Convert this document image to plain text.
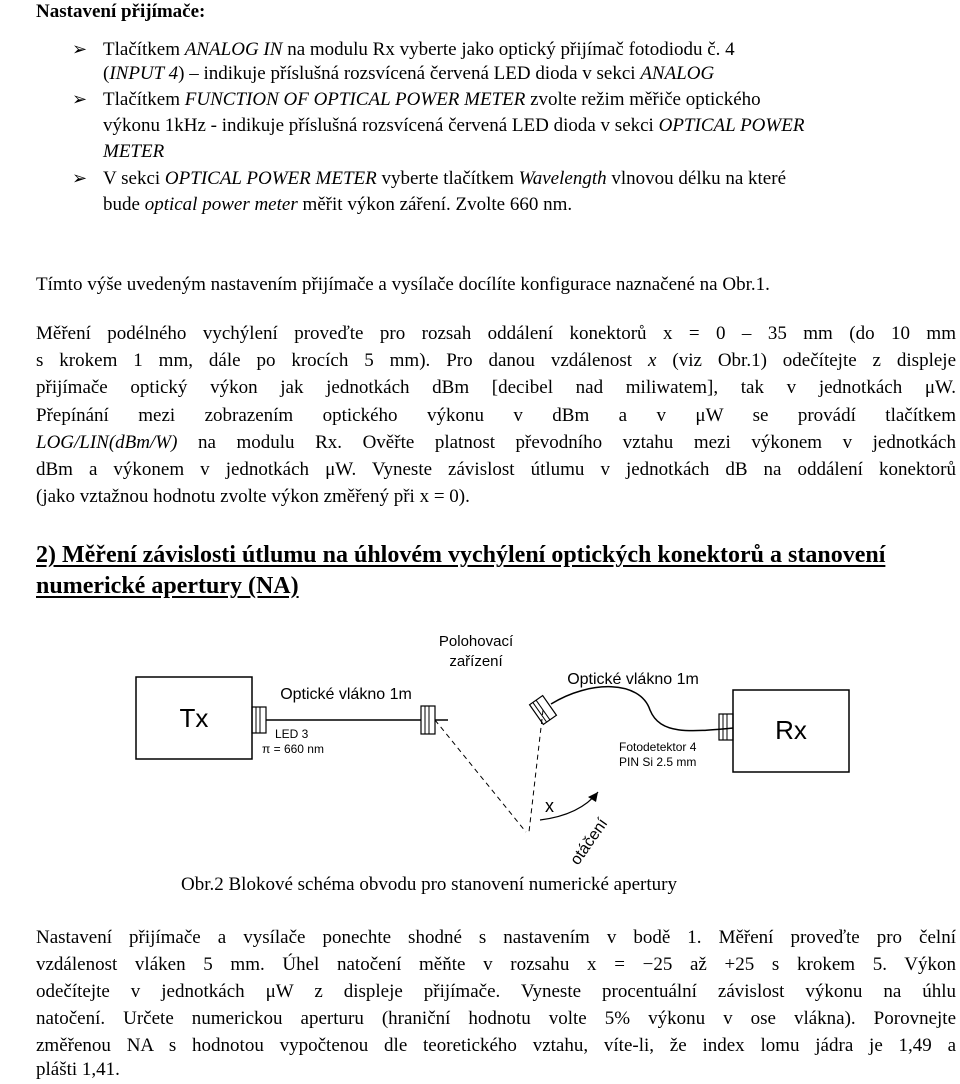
Nastavení přijímače:
➢ Tlačítkem ANALOG IN na modulu Rx vyberte jako optický přijímač fotodiodu č. 4
(INPUT 4) – indikuje příslušná rozsvícená červená LED dioda v sekci ANALOG
➢ Tlačítkem FUNCTION OF OPTICAL POWER METER zvolte režim měřiče optického
výkonu 1kHz - indikuje příslušná rozsvícená červená LED dioda v sekci OPTICAL POWER
METER
➢ V sekci OPTICAL POWER METER vyberte tlačítkem Wavelength vlnovou délku na které
bude optical power meter měřit výkon záření. Zvolte 660 nm.
Tímto výše uvedeným nastavením přijímače a vysílače docílíte konfigurace naznačené na Obr.1.
Měření podélného vychýlení proveďte pro rozsah oddálení konektorů x = 0 – 35 mm (do 10 mm
s krokem 1 mm, dále po krocích 5 mm). Pro danou vzdálenost x (viz Obr.1) odečítejte z displeje
přijímače optický výkon jak jednotkách dBm [decibel nad miliwatem], tak v jednotkách μW.
Přepínání mezi zobrazením optického výkonu v dBm a v μW se provádí tlačítkem
LOG/LIN(dBm/W) na modulu Rx. Ověřte platnost převodního vztahu mezi výkonem v jednotkách
dBm a výkonem v jednotkách μW. Vyneste závislost útlumu v jednotkách dB na oddálení konektorů
(jako vztažnou hodnotu zvolte výkon změřený při x = 0).
2) Měření závislosti útlumu na úhlovém vychýlení optických konektorů a stanovení
numerické apertury (NA)
Tx
Optické vlákno 1m
LED 3
π = 660 nm
Polohovací
zařízení
Optické vlákno 1m
Rx
Fotodetektor 4
PIN Si 2.5 mm
x
otáčení
Obr.2 Blokové schéma obvodu pro stanovení numerické apertury
Nastavení přijímače a vysílače ponechte shodné s nastavením v bodě 1. Měření proveďte pro čelní
vzdálenost vláken 5 mm. Úhel natočení měňte v rozsahu x = −25 až +25 s krokem 5. Výkon
odečítejte v jednotkách μW z displeje přijímače. Vyneste procentuální závislost výkonu na úhlu
natočení. Určete numerickou aperturu (hraniční hodnotu volte 5% výkonu v ose vlákna). Porovnejte
změřenou NA s hodnotou vypočtenou dle teoretického vztahu, víte-li, že index lomu jádra je 1,49 a
plášti 1,41.
